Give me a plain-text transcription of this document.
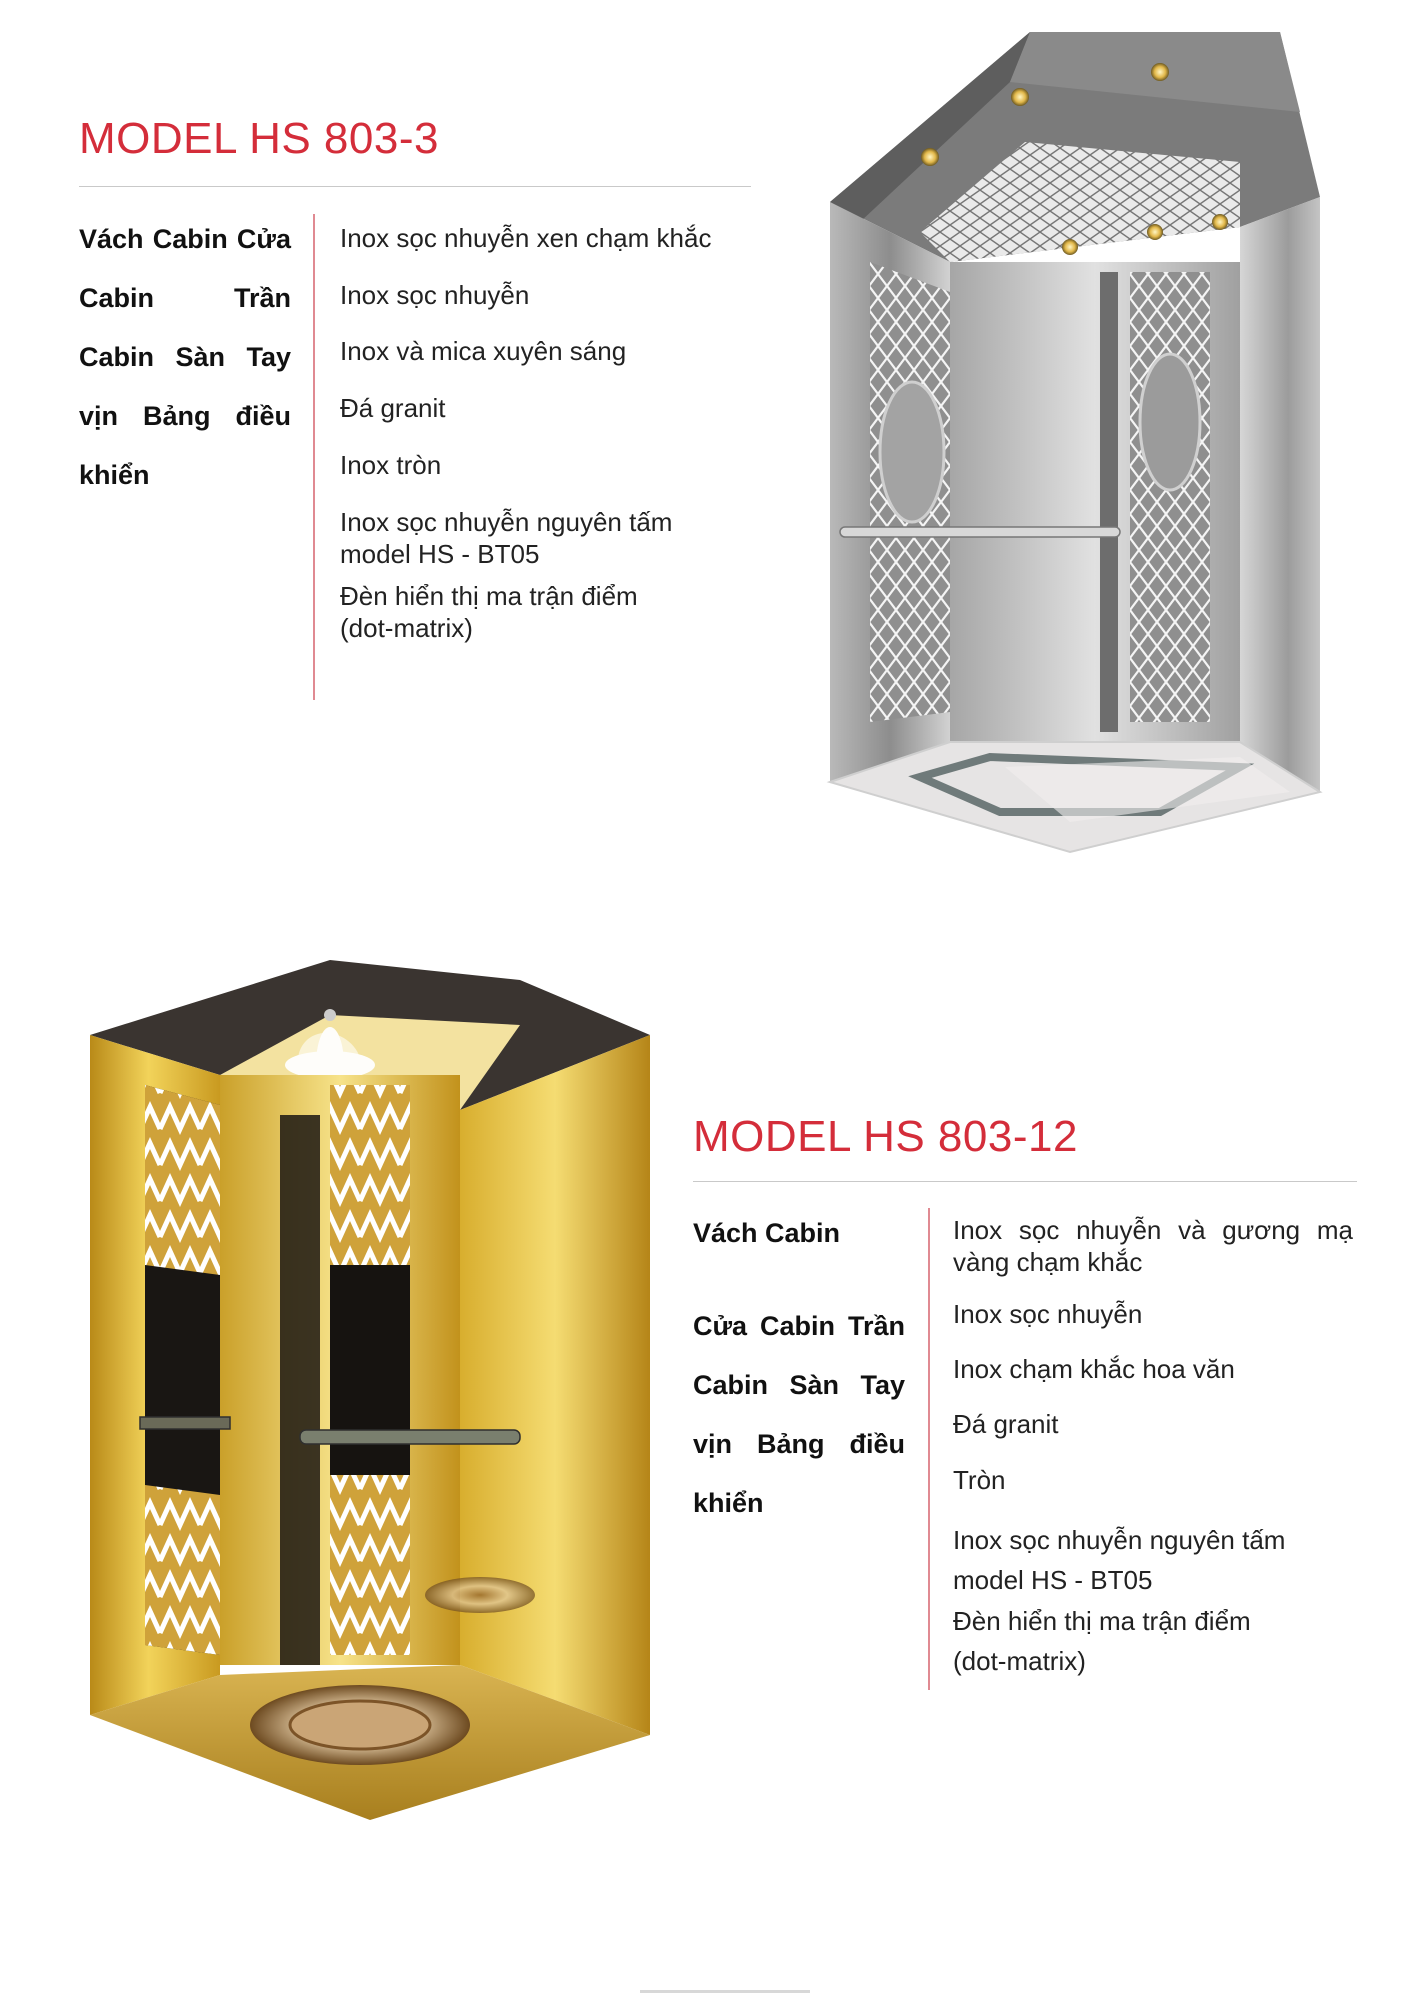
MODEL HS 803-3
Vách Cabin Cửa Cabin Trần Cabin Sàn Tay vịn Bảng điều khiển
Inox sọc nhuyễn xen chạm khắc
Inox sọc nhuyễn
Inox và mica xuyên sáng
Đá granit
Inox tròn
Inox sọc nhuyễn nguyên tấm model HS - BT05
Đèn hiển thị ma trận điểm (dot-matrix)
MODEL HS 803-12
Vách Cabin
Cửa Cabin Trần Cabin Sàn Tay vịn Bảng điều khiển
Inox sọc nhuyễn và gương mạ vàng chạm khắc
Inox sọc nhuyễn
Inox chạm khắc hoa văn
Đá granit
Tròn
Inox sọc nhuyễn nguyên tấm model HS - BT05
Đèn hiển thị ma trận điểm (dot-matrix)
